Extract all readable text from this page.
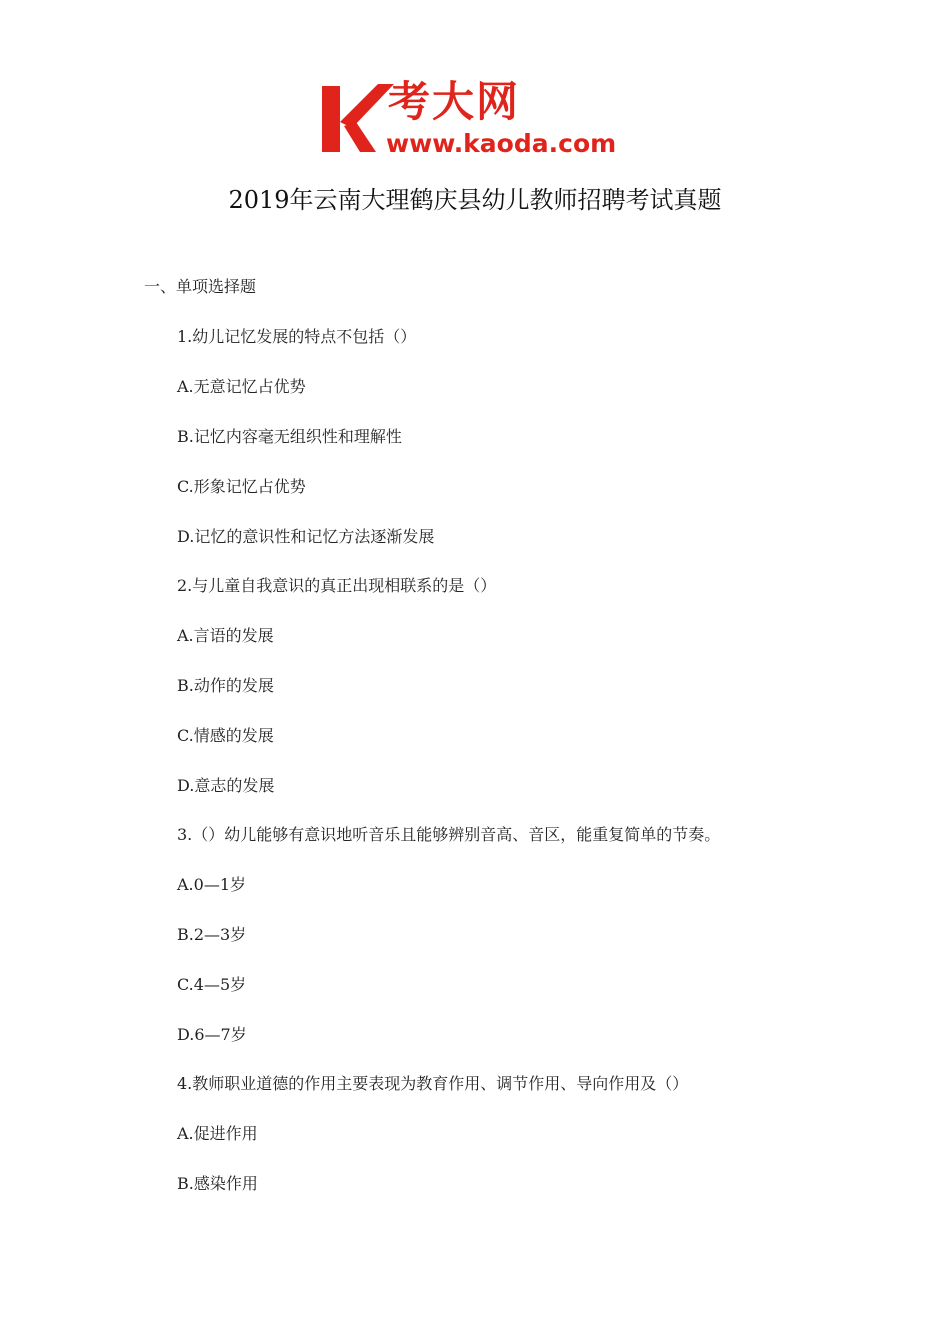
考大网
www.kaoda.com
2019年云南大理鹤庆县幼儿教师招聘考试真题
一、单项选择题
1.幼儿记忆发展的特点不包括（）
A.无意记忆占优势
B.记忆内容毫无组织性和理解性
C.形象记忆占优势
D.记忆的意识性和记忆方法逐渐发展
2.与儿童自我意识的真正出现相联系的是（）
A.言语的发展
B.动作的发展
C.情感的发展
D.意志的发展
3.（）幼儿能够有意识地听音乐且能够辨别音高、音区，能重复简单的节奏。
A.0—1岁
B.2—3岁
C.4—5岁
D.6—7岁
4.教师职业道德的作用主要表现为教育作用、调节作用、导向作用及（）
A.促进作用
B.感染作用
